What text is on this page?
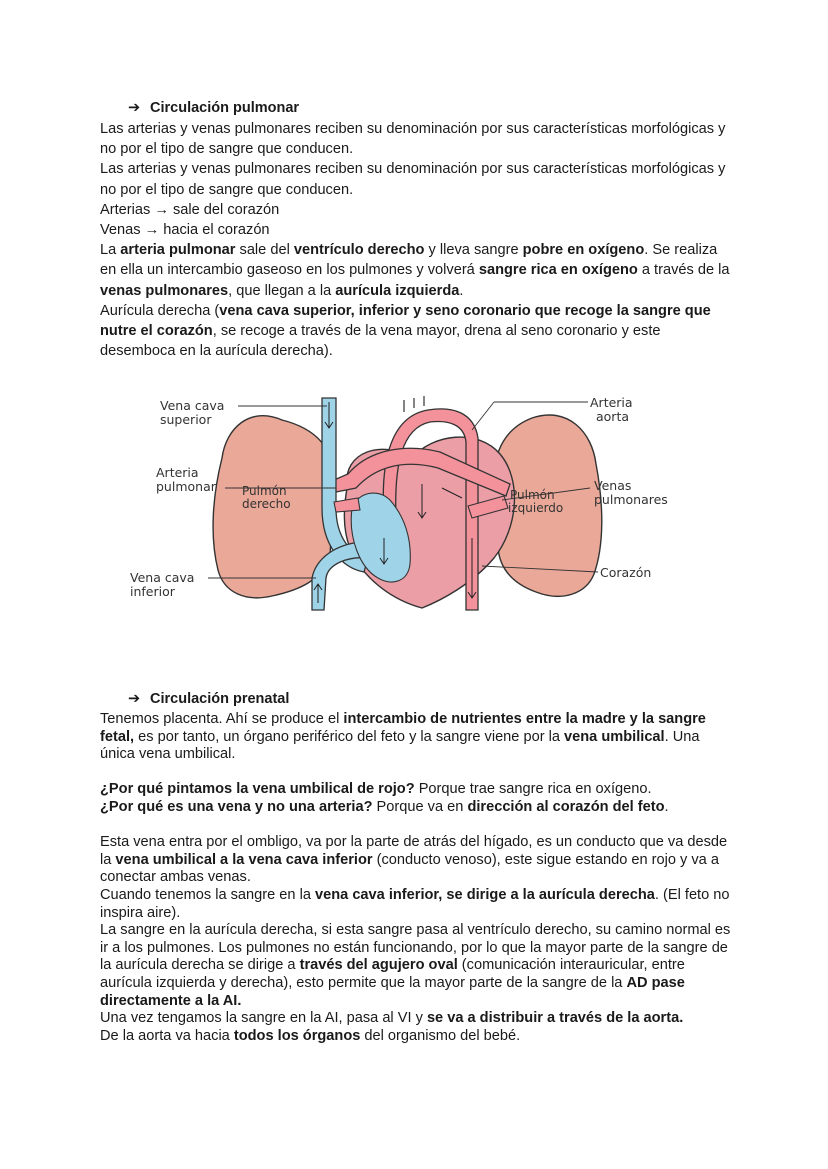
➔ Circulación pulmonar

Las arterias y venas pulmonares reciben su denominación por sus características morfológicas y no por el tipo de sangre que conducen.

Las arterias y venas pulmonares reciben su denominación por sus características morfológicas y no por el tipo de sangre que conducen.

Arterias → sale del corazón

Venas → hacia el corazón

La arteria pulmonar sale del ventrículo derecho y lleva sangre pobre en oxígeno. Se realiza en ella un intercambio gaseoso en los pulmones y volverá sangre rica en oxígeno a través de la venas pulmonares, que llegan a la aurícula izquierda.

Aurícula derecha (vena cava superior, inferior y seno coronario que recoge la sangre que nutre el corazón, se recoge a través de la vena mayor, drena al seno coronario y este desemboca en la aurícula derecha).

Vena cava
superior
Arteria
pulmonar Pulmón
derecho
Vena cava
inferior
Arteria
aorta
Venas
pulmonares
Pulmón
izquierdo
Corazón
➔ Circulación prenatal

Tenemos placenta. Ahí se produce el intercambio de nutrientes entre la madre y la sangre fetal, es por tanto, un órgano periférico del feto y la sangre viene por la vena umbilical. Una única vena umbilical.

¿Por qué pintamos la vena umbilical de rojo? Porque trae sangre rica en oxígeno.

¿Por qué es una vena y no una arteria? Porque va en dirección al corazón del feto.

Esta vena entra por el ombligo, va por la parte de atrás del hígado, es un conducto que va desde la vena umbilical a la vena cava inferior (conducto venoso), este sigue estando en rojo y va a conectar ambas venas.

Cuando tenemos la sangre en la vena cava inferior, se dirige a la aurícula derecha. (El feto no inspira aire).

La sangre en la aurícula derecha, si esta sangre pasa al ventrículo derecho, su camino normal es ir a los pulmones. Los pulmones no están funcionando, por lo que la mayor parte de la sangre de la aurícula derecha se dirige a través del agujero oval (comunicación interauricular, entre aurícula izquierda y derecha), esto permite que la mayor parte de la sangre de la AD pase directamente a la AI.

Una vez tengamos la sangre en la AI, pasa al VI y se va a distribuir a través de la aorta.

De la aorta va hacia todos los órganos del organismo del bebé.
